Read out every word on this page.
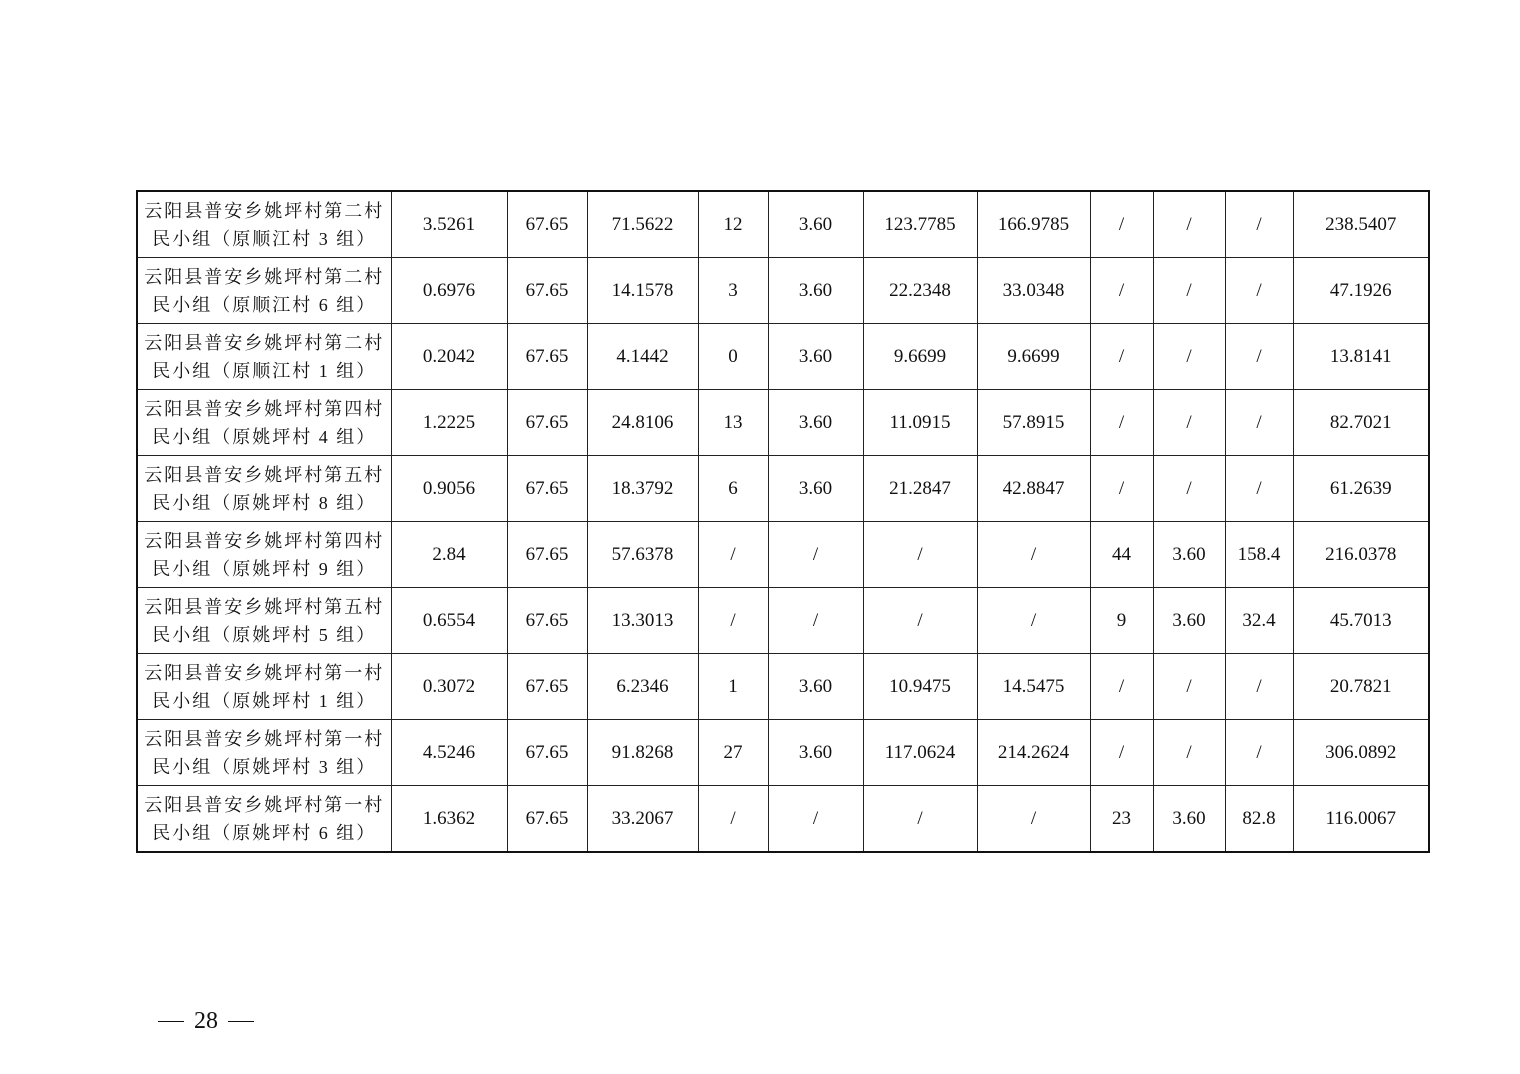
云阳县普安乡姚坪村第二村
民小组（原顺江村 3 组）	3.5261	67.65	71.5622	12	3.60	123.7785	166.9785	/	/	/	238.5407

云阳县普安乡姚坪村第二村
民小组（原顺江村 6 组）	0.6976	67.65	14.1578	3	3.60	22.2348	33.0348	/	/	/	47.1926

云阳县普安乡姚坪村第二村
民小组（原顺江村 1 组）	0.2042	67.65	4.1442	0	3.60	9.6699	9.6699	/	/	/	13.8141

云阳县普安乡姚坪村第四村
民小组（原姚坪村 4 组）	1.2225	67.65	24.8106	13	3.60	11.0915	57.8915	/	/	/	82.7021

云阳县普安乡姚坪村第五村
民小组（原姚坪村 8 组）	0.9056	67.65	18.3792	6	3.60	21.2847	42.8847	/	/	/	61.2639

云阳县普安乡姚坪村第四村
民小组（原姚坪村 9 组）	2.84	67.65	57.6378	/	/	/	/	44	3.60	158.4	216.0378

云阳县普安乡姚坪村第五村
民小组（原姚坪村 5 组）	0.6554	67.65	13.3013	/	/	/	/	9	3.60	32.4	45.7013

云阳县普安乡姚坪村第一村
民小组（原姚坪村 1 组）	0.3072	67.65	6.2346	1	3.60	10.9475	14.5475	/	/	/	20.7821

云阳县普安乡姚坪村第一村
民小组（原姚坪村 3 组）	4.5246	67.65	91.8268	27	3.60	117.0624	214.2624	/	/	/	306.0892

云阳县普安乡姚坪村第一村
民小组（原姚坪村 6 组）	1.6362	67.65	33.2067	/	/	/	/	23	3.60	82.8	116.0067
28
